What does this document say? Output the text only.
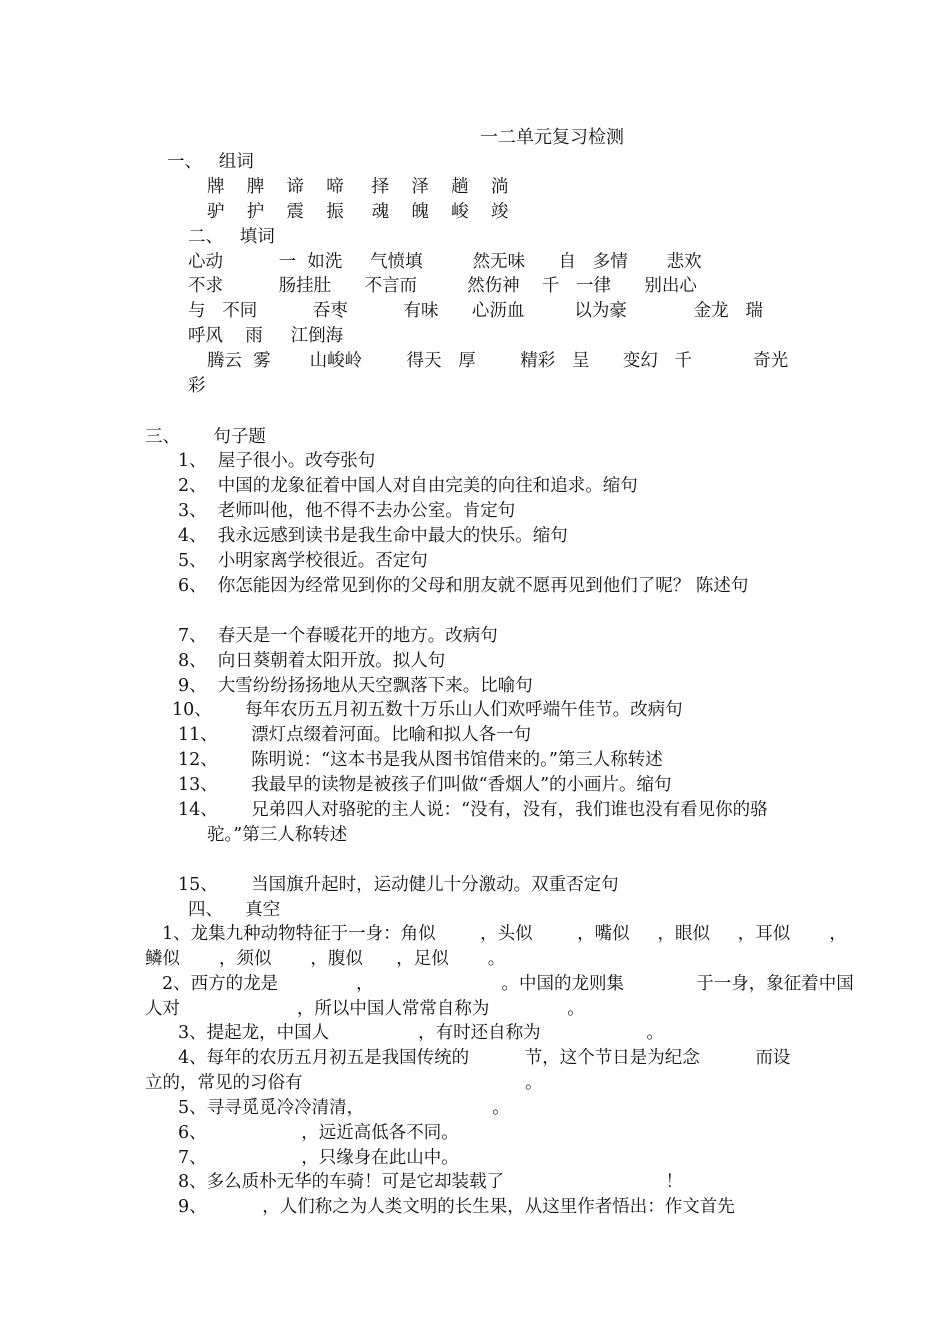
一二单元复习检测
一、   组词
牌    脾    谛    啼     择    泽    趟    淌
驴    护    震    振     魂    魄    峻    竣
二、   填词
心动          一  如洗     气愤填         然无味      自   多情       悲欢
不求          肠挂肚      不言而         然伤神    千   一律      别出心
与   不同          吞枣          有味      心沥血         以为豪            金龙   瑞
呼风    雨     江倒海
腾云  雾       山峻岭        得天   厚        精彩   呈      变幻   千           奇光
彩
三、      句子题
1、  屋子很小。改夸张句
2、  中国的龙象征着中国人对自由完美的向往和追求。缩句
3、  老师叫他，他不得不去办公室。肯定句
4、  我永远感到读书是我生命中最大的快乐。缩句
5、  小明家离学校很近。否定句
6、  你怎能因为经常见到你的父母和朋友就不愿再见到他们了呢？ 陈述句
7、  春天是一个春暖花开的地方。改病句
8、  向日葵朝着太阳开放。拟人句
9、  大雪纷纷扬扬地从天空飘落下来。比喻句
10、      每年农历五月初五数十万乐山人们欢呼端午佳节。改病句
11、      漂灯点缀着河面。比喻和拟人各一句
12、      陈明说：“这本书是我从图书馆借来的。”第三人称转述
13、      我最早的读物是被孩子们叫做“香烟人”的小画片。缩句
14、      兄弟四人对骆驼的主人说：“没有，没有，我们谁也没有看见你的骆
驼。”第三人称转述
15、      当国旗升起时，运动健儿十分激动。双重否定句
四、    真空
1、龙集九种动物特征于一身：角似        ，头似        ，嘴似     ，眼似     ，耳似       ，
鳞似       ，须似       ，腹似      ，足似       。
2、西方的龙是              ，                       。中国的龙则集             于一身，象征着中国
人对                     ，所以中国人常常自称为              。
3、提起龙，中国人                ，有时还自称为                   。
4、每年的农历五月初五是我国传统的          节，这个节日是为纪念          而设
立的，常见的习俗有                                        。
5、寻寻觅觅冷冷清清，                       。
6、                 ，远近高低各不同。
7、                 ，只缘身在此山中。
8、多么质朴无华的车骑！可是它却装载了                             ！
9、          ，人们称之为人类文明的长生果，从这里作者悟出：作文首先
